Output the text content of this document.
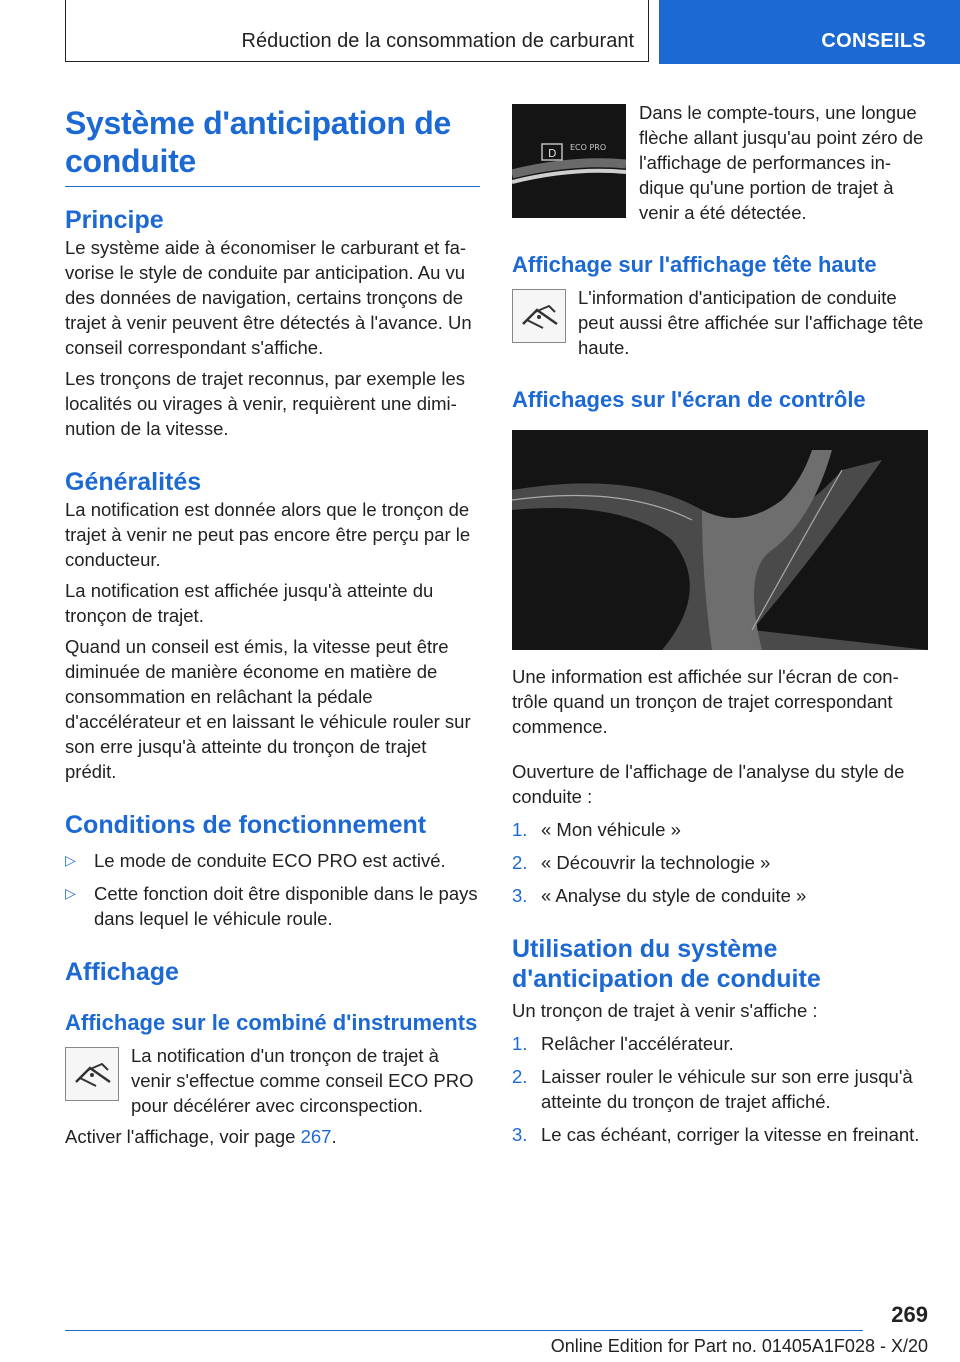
Réduction de la consommation de carburant	CONSEILS
Système d'anticipation de conduite
Principe

Le système aide à économiser le carburant et fa-vorise le style de conduite par anticipation. Au vu des données de navigation, certains tronçons de trajet à venir peuvent être détectés à l'avance. Un conseil correspondant s'affiche.

Les tronçons de trajet reconnus, par exemple les localités ou virages à venir, requièrent une dimi-nution de la vitesse.

Généralités

La notification est donnée alors que le tronçon de trajet à venir ne peut pas encore être perçu par le conducteur.

La notification est affichée jusqu'à atteinte du tronçon de trajet.

Quand un conseil est émis, la vitesse peut être diminuée de manière économe en matière de consommation en relâchant la pédale d'accélérateur et en laissant le véhicule rouler sur son erre jusqu'à atteinte du tronçon de trajet prédit.

Conditions de fonctionnement
▷ Le mode de conduite ECO PRO est activé.
▷ Cette fonction doit être disponible dans le pays dans lequel le véhicule roule.
Affichage
Affichage sur le combiné d'instruments

La notification d'un tronçon de trajet à venir s'effectue comme conseil ECO PRO pour décélérer avec circonspection.

Activer l'affichage, voir page 267.

D ECO PRO

Dans le compte-tours, une longue flèche allant jusqu'au point zéro de l'affichage de performances in-dique qu'une portion de trajet à venir a été détectée.

Affichage sur l'affichage tête haute

L'information d'anticipation de conduite peut aussi être affichée sur l'affichage tête haute.

Affichages sur l'écran de contrôle

Une information est affichée sur l'écran de con-trôle quand un tronçon de trajet correspondant commence.

Ouverture de l'affichage de l'analyse du style de conduite :

1. « Mon véhicule »
2. « Découvrir la technologie »
3. « Analyse du style de conduite »
Utilisation du système d'anticipation de conduite

Un tronçon de trajet à venir s'affiche :

1. Relâcher l'accélérateur.
2. Laisser rouler le véhicule sur son erre jusqu'à atteinte du tronçon de trajet affiché.
3. Le cas échéant, corriger la vitesse en freinant.
269
Online Edition for Part no. 01405A1F028 - X/20
